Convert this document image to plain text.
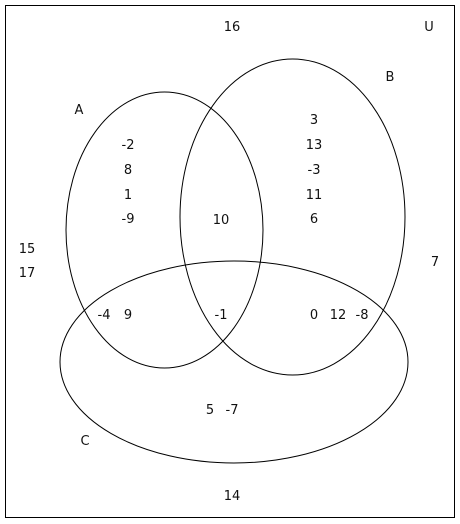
U
A
B
C
16
15
17
7
14
-2
8
1
-9
3
13
-3
11
6
10
-4 9	-1	0 12 -8
5 -7
